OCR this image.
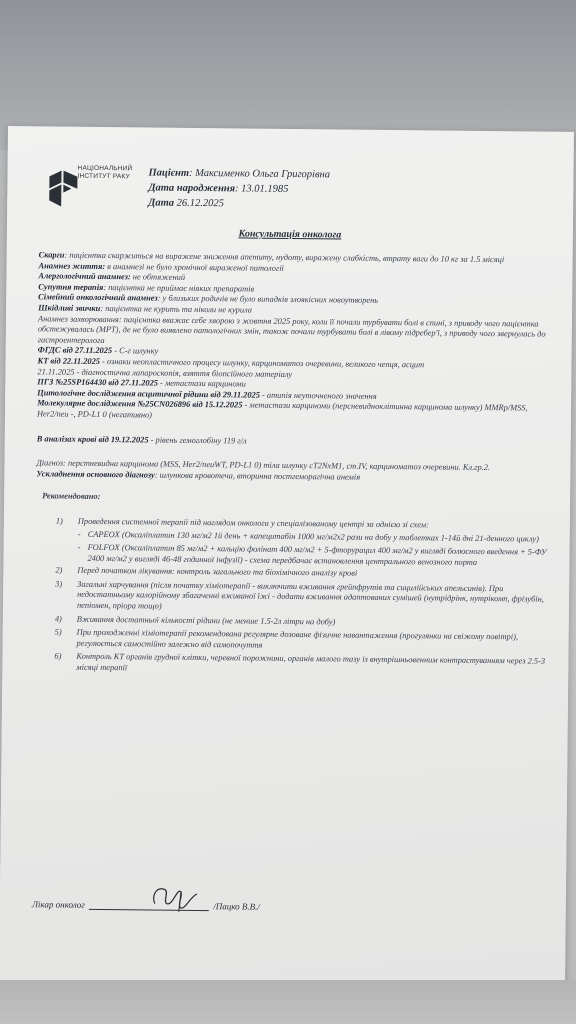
НАЦІОНАЛЬНИЙ
ІНСТИТУТ РАКУ	Пацієнт: Максименко Ольга Григорівна
Дата народження: 13.01.1985
Дата 26.12.2025
Консультація онколога

Скарги: пацієнтка скаржиться на виражене зниження апетиту, нудоту, виражену слабкість, втрату ваги до 10 кг за 1.5 місяці

Анамнез життя: в анамнезі не було хронічної вираженої патології

Алергологічний анамнез: не обтяжений

Супутня терапія: пацієнтка не приймає ніяких препаратів

Сімейний онкологічний анамнез: у близьких родичів не було випадків злоякісних новоутворень

Шкідливі звички: пацієнтка не курить та ніколи не курила

Анамнез захворювання: пацієнтка вважає себе хворою з жовтня 2025 року, коли її почали турбувати болі в спині, з приводу чого пацієнтка обстежувалась (МРТ), де не було виявлено патологічних змін, також почали турбувати болі в лівому підребер'ї, з приводу чого звернулась до гастроентеролога

ФГДС від 27.11.2025 - С-г шлунку

КТ від 22.11.2025 - ознаки неопластичного процесу шлунку, карциноматоз очеревини, великого чепця, асцит

21.11.2025 - діагностична лапароскопія, взяття біопсійного матеріалу

ПГЗ №25SP164430 від 27.11.2025 - метастази карциноми

Цитологічне дослідження асцитичної рідини від 29.11.2025 - атипія неуточненого значення

Молекулярне дослідження №25CN026896 від 15.12.2025 - метастази карциноми (персневидноклітинна карцинома шлунку) MMRp/MSS, Her2/neu -, PD-L1 0 (негативно)

В аналізах крові від 19.12.2025 - рівень гемоглобіну 119 г/л

Діагноз: перстневидна карцинома (MSS, Her2/neuWT, PD-L1 0) тіла шлунку cT2NxM1, ст.IV, карциноматоз очеревини. Кл.гр.2.

Ускладнення основного діагнозу: шлункова кровотеча, вторинна постгеморагічна анемія

Рекомендовано:

1)	Проведення системної терапії під наглядом онколога у спеціалізованому центрі за однією зі схем:
- CAPEOX (Оксаліплатин 130 мг/м2 1й день + капецитабін 1000 мг/м2х2 рази на добу у таблетках 1-14й дні 21-денного циклу)
- FOLFOX (Оксаліплатин 85 мг/м2 + кальцію фолінат 400 мг/м2 + 5-фторурацил 400 мг/м2 у вигляді болюсного введення + 5-ФУ 2400 мг/м2 у вигляді 46-48 годинної інфузії) - схема передбачає встановлення центрального венозного порта
2)	Перед початком лікування: контроль загального та біохімічного аналізу крові
3)	Загальні харчування (після початку хіміотерапії - виключити вживання грейпфрутів та сицилійських апельсинів). При недостатньому калорійному збагаченні вживаної їжі - додати вживання адаптованих сумішей (нутрідрінк, нутрікомп, фрізубін, пепіомен, пріора тощо)
4)	Вживання достатньої кількості рідини (не менше 1.5-2л літри на добу)
5)	При проходженні хіміотерапії рекомендована регулярне дозоване фізичне навантаження (прогулянки на свіжому повітрі), регулюється самостійно залежно від самопочуття
6)	Контроль КТ органів грудної клітки, черевної порожнини, органів малого тазу із внутрішньовенним контрастуванням через 2.5-3 місяці терапії
Лікар онколог	/Пацко В.В./
